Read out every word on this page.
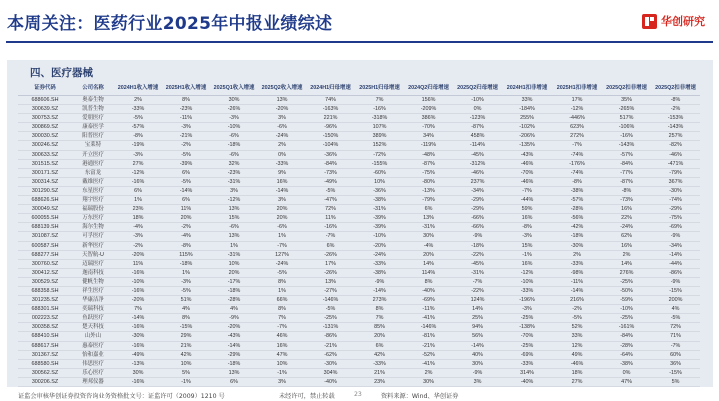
本周关注：医药行业2025年中报业绩综述	华创研究
四、医疗器械
证券代码	公司名称	2024H1收入增速	2025H1收入增速	2025Q1收入增速	2025Q2收入增速	2024H1归母增速	2025H1归母增速	2024Q2归母增速	2025Q2归母增速	2024H1扣非增速	2025H1扣非增速	2025Q2扣非增速	2025Q2扣非增速
688606.SH	奥泰生物	2%	8%	30%	13%	74%	7%	156%	-10%	33%	17%	35%	-8%
300639.SZ	凯普生物	-33%	-23%	-26%	-20%	-163%	-16%	-209%	0%	-184%	-12%	-265%	-2%
300753.SZ	爱朋医疗	-5%	-11%	-3%	3%	221%	-318%	386%	-123%	255%	-446%	517%	-153%
300869.SZ	康泰医学	-57%	-3%	-10%	-6%	-96%	107%	-70%	-87%	-102%	623%	-106%	-143%
300030.SZ	阳普医疗	-8%	-21%	-6%	-24%	-150%	389%	34%	458%	-206%	272%	-16%	257%
300246.SZ	宝莱特	-19%	-2%	-18%	2%	-104%	152%	-119%	-114%	-135%	-7%	-143%	-82%
300633.SZ	开立医疗	-3%	-5%	-6%	0%	-36%	-72%	-48%	-45%	-43%	-74%	-57%	-46%
301515.SZ	港通医疗	27%	-39%	32%	-33%	-84%	-155%	-87%	-312%	-46%	-176%	-84%	-471%
300171.SZ	东富龙	-12%	6%	-23%	9%	-73%	-60%	-75%	-46%	-70%	-74%	-77%	-79%
300314.SZ	戴维医疗	-16%	-5%	-31%	16%	-49%	10%	-80%	237%	-46%	-8%	-87%	367%
301290.SZ	东星医疗	6%	-14%	3%	-14%	-5%	-36%	-13%	-34%	-7%	-38%	-8%	-30%
688626.SH	翔宇医疗	1%	6%	-12%	3%	-47%	-38%	-79%	-29%	-44%	-57%	-73%	-74%
300049.SZ	福瑞股份	23%	11%	13%	20%	72%	-31%	6%	-29%	59%	-28%	16%	-29%
600055.SH	万东医疗	18%	20%	15%	20%	11%	-39%	13%	-66%	16%	-56%	22%	-75%
688139.SH	海尔生物	-4%	-2%	-6%	-6%	-16%	-39%	-31%	-66%	-8%	-42%	-24%	-69%
301087.SZ	可孚医疗	-3%	-4%	13%	1%	-7%	-10%	30%	-9%	-3%	-18%	62%	-9%
600587.SH	新华医疗	-2%	-8%	1%	-7%	6%	-20%	-4%	-18%	15%	-30%	16%	-34%
688277.SH	天智航-U	-20%	115%	-31%	127%	-26%	-24%	20%	-22%	-1%	2%	2%	-14%
300760.SZ	迈瑞医疗	11%	-18%	10%	-24%	17%	-33%	14%	-45%	16%	-33%	14%	-44%
300412.SZ	迦南科技	-16%	1%	20%	-5%	-26%	-38%	114%	-31%	-12%	-98%	276%	-86%
300529.SZ	健帆生物	-10%	-3%	-17%	8%	13%	-9%	8%	-7%	-10%	-11%	-25%	-9%
688358.SH	祥生医疗	-16%	-5%	-18%	1%	-27%	-14%	-40%	-22%	-33%	-14%	-50%	-15%
301235.SZ	华康洁净	-20%	51%	-28%	66%	-146%	273%	-69%	124%	-196%	216%	-59%	200%
688301.SH	奕瑞科技	7%	4%	4%	8%	-5%	8%	-11%	14%	-3%	-2%	-10%	4%
002223.SZ	鱼跃医疗	-14%	8%	-9%	7%	-25%	7%	-41%	25%	-25%	-5%	-25%	-5%
300358.SZ	楚天科技	-16%	-15%	-20%	-7%	-131%	85%	-146%	94%	-138%	52%	-161%	72%
688410.SH	山外山	-30%	29%	-43%	46%	-86%	20%	-81%	56%	-70%	33%	-84%	71%
688617.SH	惠泰医疗	-16%	21%	-14%	16%	-21%	6%	-21%	-14%	-25%	12%	-28%	-7%
301367.SZ	怡和嘉业	-49%	42%	-29%	47%	-62%	42%	-52%	40%	-69%	49%	-64%	60%
688580.SH	伟思医疗	-13%	10%	-18%	10%	-30%	-33%	-41%	30%	-33%	-46%	-38%	36%
300562.SZ	乐心医疗	30%	5%	13%	-1%	304%	21%	2%	-9%	314%	18%	0%	-15%
300206.SZ	理邦仪器	-16%	-1%	6%	3%	-40%	23%	30%	3%	-40%	27%	47%	5%

证监会审核华创证券投资咨询业务资格批文号：证监许可（2009）1210 号	未经许可，禁止转载	23	资料来源：Wind、华创证券
